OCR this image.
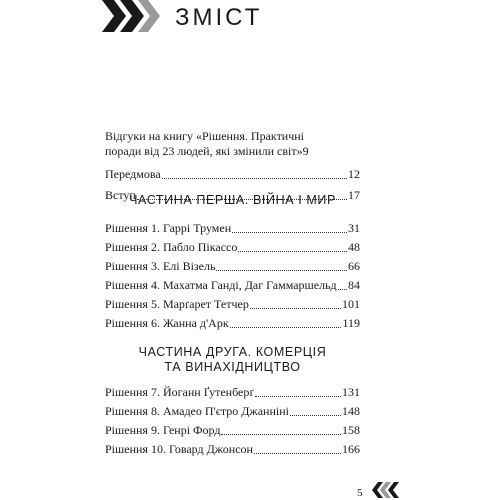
ЗМІСТ
Відгуки на книгу «Рішення. Практичні
поради від 23 людей, які змінили світ» 9
Передмова	12
Вступ	17
ЧАСТИНА ПЕРША. ВІЙНА І МИР
Рішення 1. Гаррі Трумен	31
Рішення 2. Пабло Пікассо	48
Рішення 3. Елі Візель	66
Рішення 4. Махатма Ганді, Даг Гаммаршельд 84
Рішення 5. Марґарет Тетчер	101
Рішення 6. Жанна д'Арк	119
ЧАСТИНА ДРУГА. КОМЕРЦІЯ
ТА ВИНАХІДНИЦТВО
Рішення 7. Йоганн Ґутенберґ	131
Рішення 8. Амадео П'єтро Джанніні	148
Рішення 9. Генрі Форд	158
Рішення 10. Говард Джонсон	166
5
